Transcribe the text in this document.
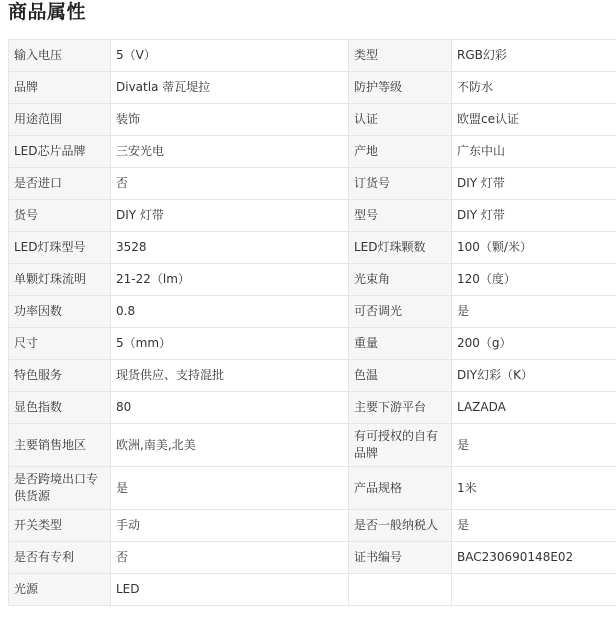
商品属性
输入电压	5（V）	类型	RGB幻彩
品牌	Divatla 蒂瓦堤拉	防护等级	不防水
用途范围	装饰	认证	欧盟ce认证
LED芯片品牌	三安光电	产地	广东中山
是否进口	否	订货号	DIY 灯带
货号	DIY 灯带	型号	DIY 灯带
LED灯珠型号	3528	LED灯珠颗数	100（颗/米）
单颗灯珠流明	21-22（lm）	光束角	120（度）
功率因数	0.8	可否调光	是
尺寸	5（mm）	重量	200（g）
特色服务	现货供应、支持混批	色温	DIY幻彩（K）
显色指数	80	主要下游平台	LAZADA
主要销售地区	欧洲,南美,北美	有可授权的自有品牌	是
是否跨境出口专供货源	是	产品规格	1米
开关类型	手动	是否一般纳税人	是
是否有专利	否	证书编号	BAC230690148E02
光源	LED		
